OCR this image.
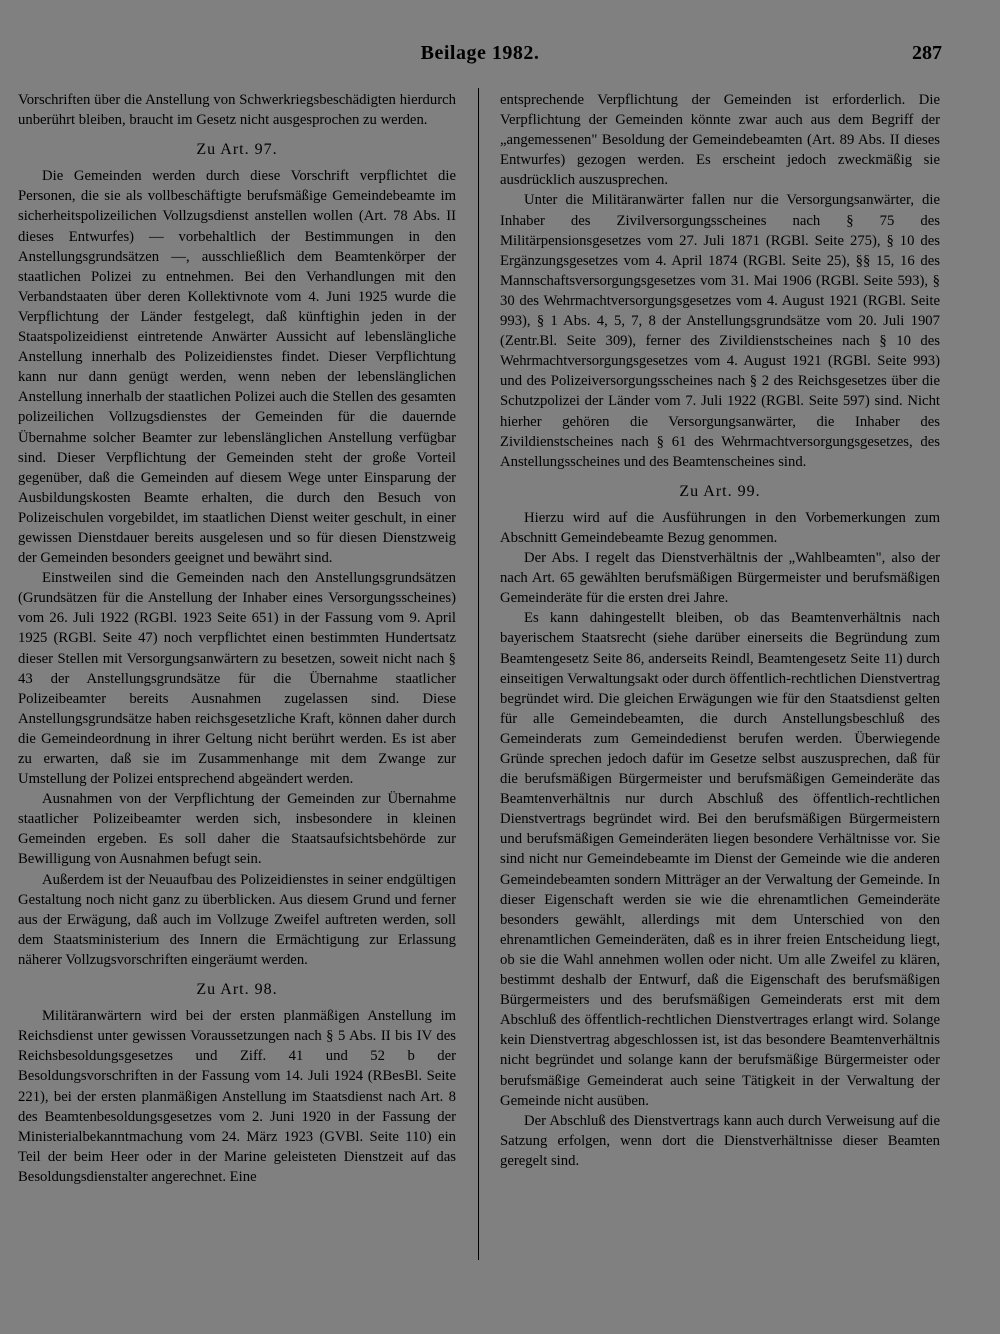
Beilage 1982.	287

Vorschriften über die Anstellung von Schwerkriegsbeschädigten hierdurch unberührt bleiben, braucht im Gesetz nicht ausgesprochen zu werden.

Zu Art. 97.

Die Gemeinden werden durch diese Vorschrift verpflichtet die Personen, die sie als vollbeschäftigte berufsmäßige Gemeindebeamte im sicherheitspolizeilichen Vollzugsdienst anstellen wollen (Art. 78 Abs. II dieses Entwurfes) — vorbehaltlich der Bestimmungen in den Anstellungsgrundsätzen —, ausschließlich dem Beamtenkörper der staatlichen Polizei zu entnehmen. Bei den Verhandlungen mit den Verbandstaaten über deren Kollektivnote vom 4. Juni 1925 wurde die Verpflichtung der Länder festgelegt, daß künftighin jeden in der Staatspolizeidienst eintretende Anwärter Aussicht auf lebenslängliche Anstellung innerhalb des Polizeidienstes findet. Dieser Verpflichtung kann nur dann genügt werden, wenn neben der lebenslänglichen Anstellung innerhalb der staatlichen Polizei auch die Stellen des gesamten polizeilichen Vollzugsdienstes der Gemeinden für die dauernde Übernahme solcher Beamter zur lebenslänglichen Anstellung verfügbar sind. Dieser Verpflichtung der Gemeinden steht der große Vorteil gegenüber, daß die Gemeinden auf diesem Wege unter Einsparung der Ausbildungskosten Beamte erhalten, die durch den Besuch von Polizeischulen vorgebildet, im staatlichen Dienst weiter geschult, in einer gewissen Dienstdauer bereits ausgelesen und so für diesen Dienstzweig der Gemeinden besonders geeignet und bewährt sind.

Einstweilen sind die Gemeinden nach den Anstellungsgrundsätzen (Grundsätzen für die Anstellung der Inhaber eines Versorgungsscheines) vom 26. Juli 1922 (RGBl. 1923 Seite 651) in der Fassung vom 9. April 1925 (RGBl. Seite 47) noch verpflichtet einen bestimmten Hundertsatz dieser Stellen mit Versorgungsanwärtern zu besetzen, soweit nicht nach § 43 der Anstellungsgrundsätze für die Übernahme staatlicher Polizeibeamter bereits Ausnahmen zugelassen sind. Diese Anstellungsgrundsätze haben reichsgesetzliche Kraft, können daher durch die Gemeindeordnung in ihrer Geltung nicht berührt werden. Es ist aber zu erwarten, daß sie im Zusammenhange mit dem Zwange zur Umstellung der Polizei entsprechend abgeändert werden.

Ausnahmen von der Verpflichtung der Gemeinden zur Übernahme staatlicher Polizeibeamter werden sich, insbesondere in kleinen Gemeinden ergeben. Es soll daher die Staatsaufsichtsbehörde zur Bewilligung von Ausnahmen befugt sein.

Außerdem ist der Neuaufbau des Polizeidienstes in seiner endgültigen Gestaltung noch nicht ganz zu überblicken. Aus diesem Grund und ferner aus der Erwägung, daß auch im Vollzuge Zweifel auftreten werden, soll dem Staatsministerium des Innern die Ermächtigung zur Erlassung näherer Vollzugsvorschriften eingeräumt werden.

Zu Art. 98.

Militäranwärtern wird bei der ersten planmäßigen Anstellung im Reichsdienst unter gewissen Voraussetzungen nach § 5 Abs. II bis IV des Reichsbesoldungsgesetzes und Ziff. 41 und 52 b der Besoldungsvorschriften in der Fassung vom 14. Juli 1924 (RBesBl. Seite 221), bei der ersten planmäßigen Anstellung im Staatsdienst nach Art. 8 des Beamtenbesoldungsgesetzes vom 2. Juni 1920 in der Fassung der Ministerialbekanntmachung vom 24. März 1923 (GVBl. Seite 110) ein Teil der beim Heer oder in der Marine geleisteten Dienstzeit auf das Besoldungsdienstalter angerechnet. Eine

entsprechende Verpflichtung der Gemeinden ist erforderlich. Die Verpflichtung der Gemeinden könnte zwar auch aus dem Begriff der „angemessenen" Besoldung der Gemeindebeamten (Art. 89 Abs. II dieses Entwurfes) gezogen werden. Es erscheint jedoch zweckmäßig sie ausdrücklich auszusprechen.

Unter die Militäranwärter fallen nur die Versorgungsanwärter, die Inhaber des Zivilversorgungsscheines nach § 75 des Militärpensionsgesetzes vom 27. Juli 1871 (RGBl. Seite 275), § 10 des Ergänzungsgesetzes vom 4. April 1874 (RGBl. Seite 25), §§ 15, 16 des Mannschaftsversorgungsgesetzes vom 31. Mai 1906 (RGBl. Seite 593), § 30 des Wehrmachtversorgungsgesetzes vom 4. August 1921 (RGBl. Seite 993), § 1 Abs. 4, 5, 7, 8 der Anstellungsgrundsätze vom 20. Juli 1907 (Zentr.Bl. Seite 309), ferner des Zivildienstscheines nach § 10 des Wehrmachtversorgungsgesetzes vom 4. August 1921 (RGBl. Seite 993) und des Polizeiversorgungsscheines nach § 2 des Reichsgesetzes über die Schutzpolizei der Länder vom 7. Juli 1922 (RGBl. Seite 597) sind. Nicht hierher gehören die Versorgungsanwärter, die Inhaber des Zivildienstscheines nach § 61 des Wehrmachtversorgungsgesetzes, des Anstellungsscheines und des Beamtenscheines sind.

Zu Art. 99.

Hierzu wird auf die Ausführungen in den Vorbemerkungen zum Abschnitt Gemeindebeamte Bezug genommen.

Der Abs. I regelt das Dienstverhältnis der „Wahlbeamten", also der nach Art. 65 gewählten berufsmäßigen Bürgermeister und berufsmäßigen Gemeinderäte für die ersten drei Jahre.

Es kann dahingestellt bleiben, ob das Beamtenverhältnis nach bayerischem Staatsrecht (siehe darüber einerseits die Begründung zum Beamtengesetz Seite 86, anderseits Reindl, Beamtengesetz Seite 11) durch einseitigen Verwaltungsakt oder durch öffentlich-rechtlichen Dienstvertrag begründet wird. Die gleichen Erwägungen wie für den Staatsdienst gelten für alle Gemeindebeamten, die durch Anstellungsbeschluß des Gemeinderats zum Gemeindedienst berufen werden. Überwiegende Gründe sprechen jedoch dafür im Gesetze selbst auszusprechen, daß für die berufsmäßigen Bürgermeister und berufsmäßigen Gemeinderäte das Beamtenverhältnis nur durch Abschluß des öffentlich-rechtlichen Dienstvertrags begründet wird. Bei den berufsmäßigen Bürgermeistern und berufsmäßigen Gemeinderäten liegen besondere Verhältnisse vor. Sie sind nicht nur Gemeindebeamte im Dienst der Gemeinde wie die anderen Gemeindebeamten sondern Mitträger an der Verwaltung der Gemeinde. In dieser Eigenschaft werden sie wie die ehrenamtlichen Gemeinderäte besonders gewählt, allerdings mit dem Unterschied von den ehrenamtlichen Gemeinderäten, daß es in ihrer freien Entscheidung liegt, ob sie die Wahl annehmen wollen oder nicht. Um alle Zweifel zu klären, bestimmt deshalb der Entwurf, daß die Eigenschaft des berufsmäßigen Bürgermeisters und des berufsmäßigen Gemeinderats erst mit dem Abschluß des öffentlich-rechtlichen Dienstvertrages erlangt wird. Solange kein Dienstvertrag abgeschlossen ist, ist das besondere Beamtenverhältnis nicht begründet und solange kann der berufsmäßige Bürgermeister oder berufsmäßige Gemeinderat auch seine Tätigkeit in der Verwaltung der Gemeinde nicht ausüben.

Der Abschluß des Dienstvertrags kann auch durch Verweisung auf die Satzung erfolgen, wenn dort die Dienstverhältnisse dieser Beamten geregelt sind.
